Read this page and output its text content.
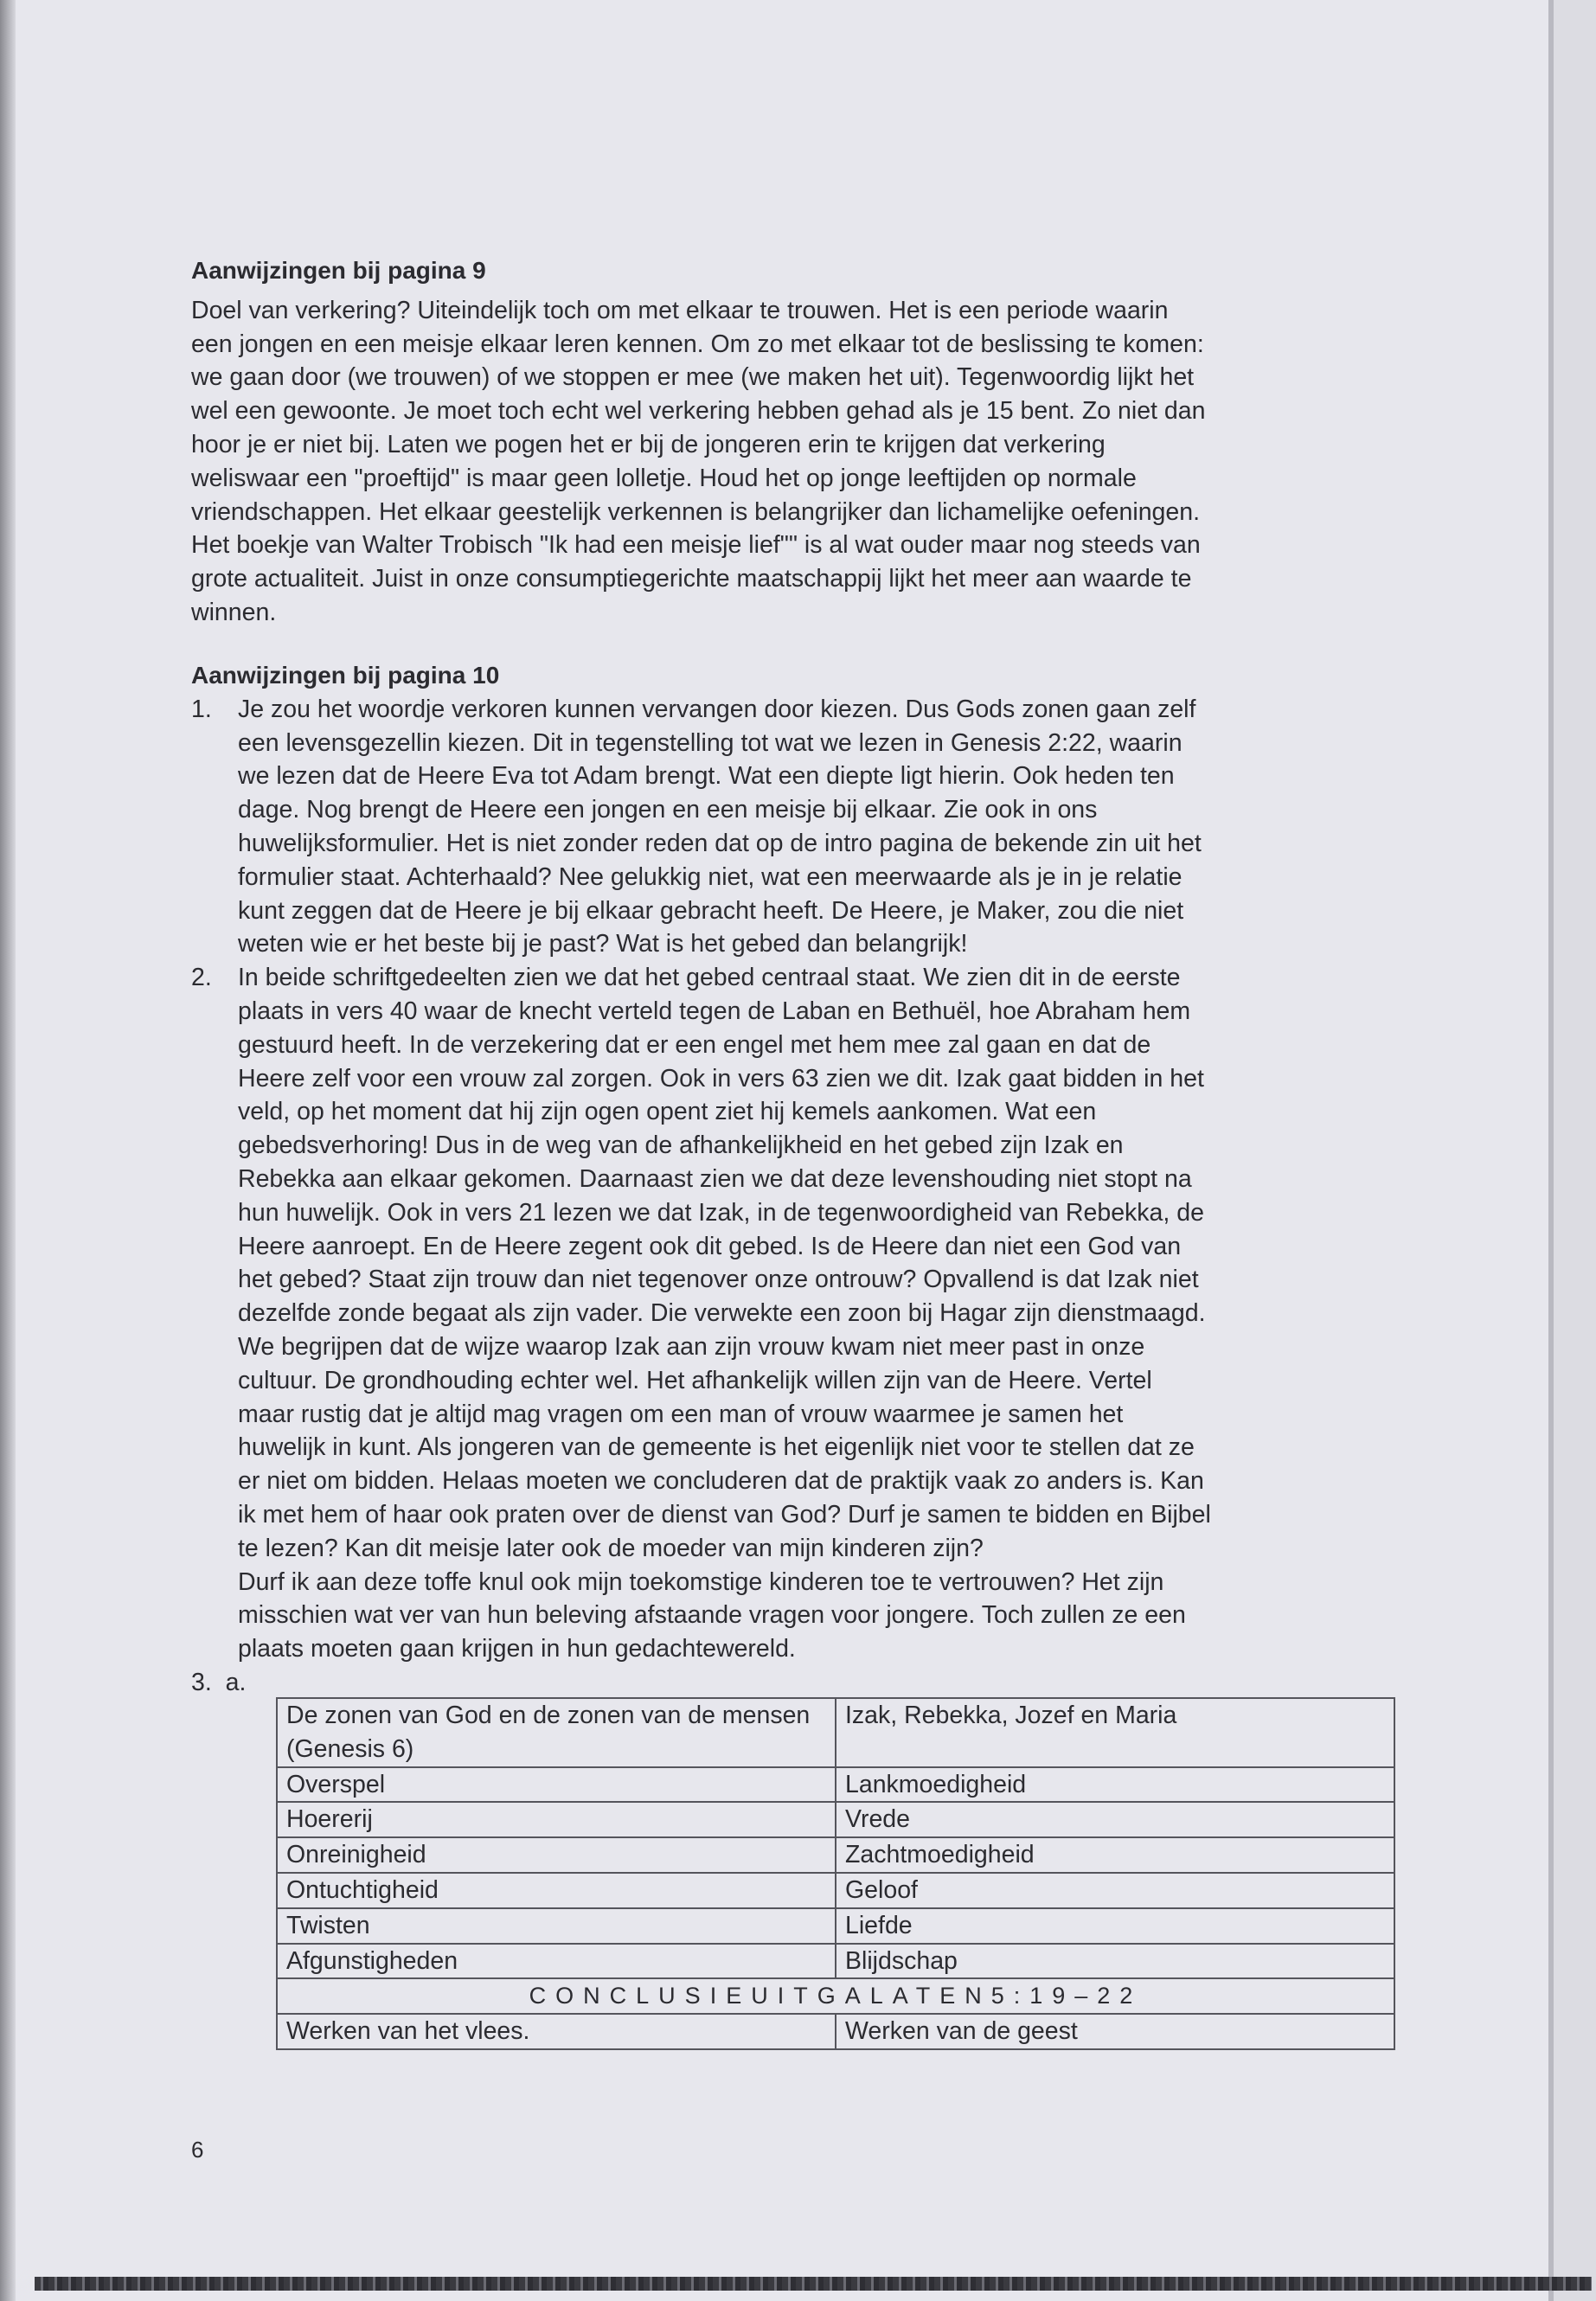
Aanwijzingen bij pagina 9
Doel van verkering? Uiteindelijk toch om met elkaar te trouwen. Het is een periode waarin
een jongen en een meisje elkaar leren kennen. Om zo met elkaar tot de beslissing te komen:
we gaan door (we trouwen) of we stoppen er mee (we maken het uit). Tegenwoordig lijkt het
wel een gewoonte. Je moet toch echt wel verkering hebben gehad als je 15 bent. Zo niet dan
hoor je er niet bij. Laten we pogen het er bij de jongeren erin te krijgen dat verkering
weliswaar een "proeftijd" is maar geen lolletje. Houd het op jonge leeftijden op normale
vriendschappen. Het elkaar geestelijk verkennen is belangrijker dan lichamelijke oefeningen.
Het boekje van Walter Trobisch "Ik had een meisje lief"" is al wat ouder maar nog steeds van
grote actualiteit. Juist in onze consumptiegerichte maatschappij lijkt het meer aan waarde te
winnen.
Aanwijzingen bij pagina 10
1. Je zou het woordje verkoren kunnen vervangen door kiezen. Dus Gods zonen gaan zelf
een levensgezellin kiezen. Dit in tegenstelling tot wat we lezen in Genesis 2:22, waarin
we lezen dat de Heere Eva tot Adam brengt. Wat een diepte ligt hierin. Ook heden ten
dage. Nog brengt de Heere een jongen en een meisje bij elkaar. Zie ook in ons
huwelijksformulier. Het is niet zonder reden dat op de intro pagina de bekende zin uit het
formulier staat. Achterhaald? Nee gelukkig niet, wat een meerwaarde als je in je relatie
kunt zeggen dat de Heere je bij elkaar gebracht heeft. De Heere, je Maker, zou die niet
weten wie er het beste bij je past? Wat is het gebed dan belangrijk!
2. In beide schriftgedeelten zien we dat het gebed centraal staat. We zien dit in de eerste
plaats in vers 40 waar de knecht verteld tegen de Laban en Bethuël, hoe Abraham hem
gestuurd heeft. In de verzekering dat er een engel met hem mee zal gaan en dat de
Heere zelf voor een vrouw zal zorgen. Ook in vers 63 zien we dit. Izak gaat bidden in het
veld, op het moment dat hij zijn ogen opent ziet hij kemels aankomen. Wat een
gebedsverhoring! Dus in de weg van de afhankelijkheid en het gebed zijn Izak en
Rebekka aan elkaar gekomen. Daarnaast zien we dat deze levenshouding niet stopt na
hun huwelijk. Ook in vers 21 lezen we dat Izak, in de tegenwoordigheid van Rebekka, de
Heere aanroept. En de Heere zegent ook dit gebed. Is de Heere dan niet een God van
het gebed? Staat zijn trouw dan niet tegenover onze ontrouw? Opvallend is dat Izak niet
dezelfde zonde begaat als zijn vader. Die verwekte een zoon bij Hagar zijn dienstmaagd.
We begrijpen dat de wijze waarop Izak aan zijn vrouw kwam niet meer past in onze
cultuur. De grondhouding echter wel. Het afhankelijk willen zijn van de Heere. Vertel
maar rustig dat je altijd mag vragen om een man of vrouw waarmee je samen het
huwelijk in kunt. Als jongeren van de gemeente is het eigenlijk niet voor te stellen dat ze
er niet om bidden. Helaas moeten we concluderen dat de praktijk vaak zo anders is. Kan
ik met hem of haar ook praten over de dienst van God? Durf je samen te bidden en Bijbel
te lezen? Kan dit meisje later ook de moeder van mijn kinderen zijn?
Durf ik aan deze toffe knul ook mijn toekomstige kinderen toe te vertrouwen? Het zijn
misschien wat ver van hun beleving afstaande vragen voor jongere. Toch zullen ze een
plaats moeten gaan krijgen in hun gedachtewereld.
3.  a.
De zonen van God en de zonen van de mensen (Genesis 6)	Izak, Rebekka, Jozef en Maria
Overspel	Lankmoedigheid
Hoererij	Vrede
Onreinigheid	Zachtmoedigheid
Ontuchtigheid	Geloof
Twisten	Liefde
Afgunstigheden	Blijdschap
CONCLUSIEUITGALATEN5:19–22	
Werken van het vlees.	Werken van de geest
6
